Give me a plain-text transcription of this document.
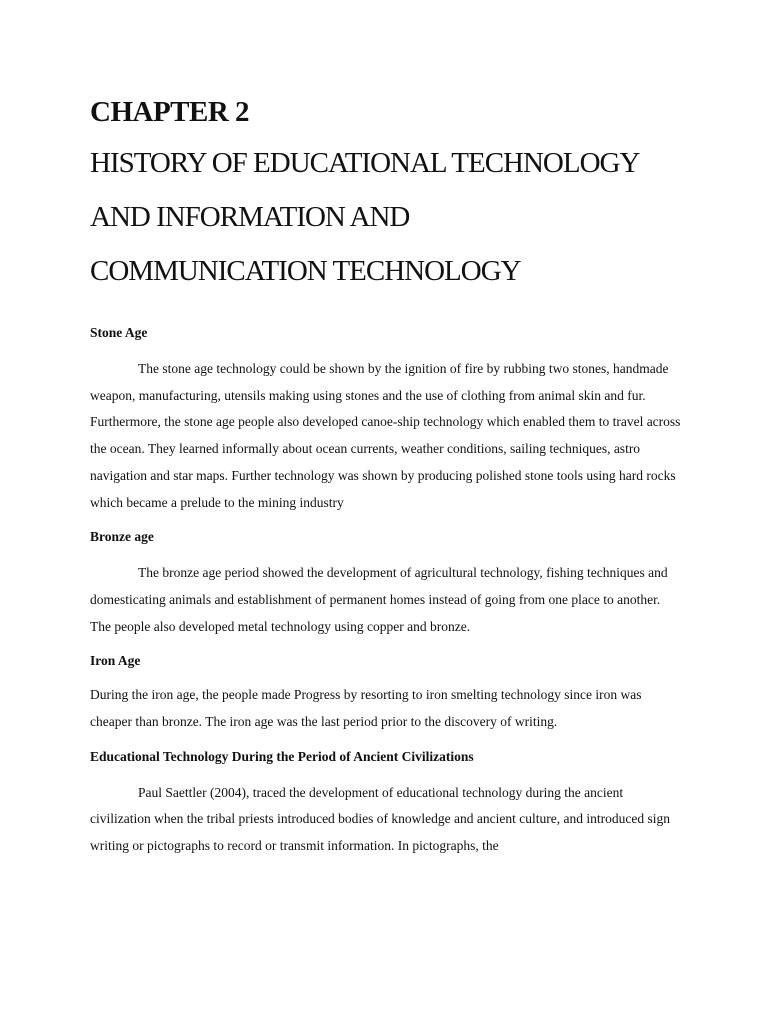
CHAPTER 2

HISTORY OF EDUCATIONAL TECHNOLOGY

AND INFORMATION AND

COMMUNICATION TECHNOLOGY

Stone Age

The stone age technology could be shown by the ignition of fire by rubbing two stones, handmade weapon, manufacturing, utensils making using stones and the use of clothing from animal skin and fur. Furthermore, the stone age people also developed canoe-ship technology which enabled them to travel across the ocean. They learned informally about ocean currents, weather conditions, sailing techniques, astro navigation and star maps. Further technology was shown by producing polished stone tools using hard rocks which became a prelude to the mining industry

Bronze age

The bronze age period showed the development of agricultural technology, fishing techniques and domesticating animals and establishment of permanent homes instead of going from one place to another. The people also developed metal technology using copper and bronze.

Iron Age

During the iron age, the people made Progress by resorting to iron smelting technology since iron was cheaper than bronze. The iron age was the last period prior to the discovery of writing.

Educational Technology During the Period of Ancient Civilizations

Paul Saettler (2004), traced the development of educational technology during the ancient civilization when the tribal priests introduced bodies of knowledge and ancient culture, and introduced sign writing or pictographs to record or transmit information. In pictographs, the
